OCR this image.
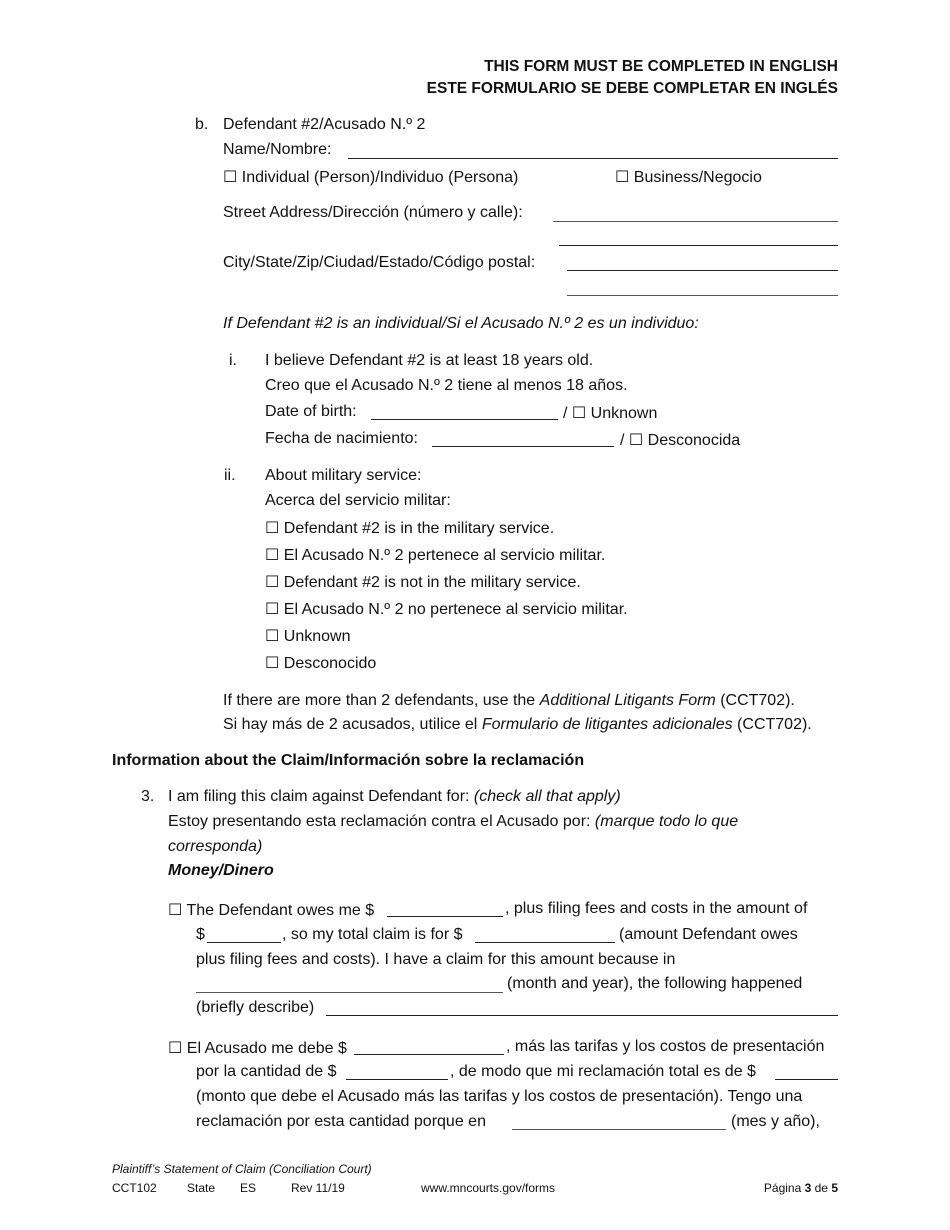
THIS FORM MUST BE COMPLETED IN ENGLISH
ESTE FORMULARIO SE DEBE COMPLETAR EN INGLÉS
b. Defendant #2/Acusado N.º 2
Name/Nombre:
☐ Individual (Person)/Individuo (Persona)	☐ Business/Negocio
Street Address/Dirección (número y calle):
City/State/Zip/Ciudad/Estado/Código postal:
If Defendant #2 is an individual/Si el Acusado N.º 2 es un individuo:
i. I believe Defendant #2 is at least 18 years old.
Creo que el Acusado N.º 2 tiene al menos 18 años.
Date of birth:	/ ☐ Unknown
Fecha de nacimiento:	/ ☐ Desconocida
ii. About military service:
Acerca del servicio militar:
☐ Defendant #2 is in the military service.
☐ El Acusado N.º 2 pertenece al servicio militar.
☐ Defendant #2 is not in the military service.
☐ El Acusado N.º 2 no pertenece al servicio militar.
☐ Unknown
☐ Desconocido
If there are more than 2 defendants, use the Additional Litigants Form (CCT702).
Si hay más de 2 acusados, utilice el Formulario de litigantes adicionales (CCT702).
Information about the Claim/Información sobre la reclamación
3. I am filing this claim against Defendant for: (check all that apply)
Estoy presentando esta reclamación contra el Acusado por: (marque todo lo que
corresponda)
Money/Dinero
☐ The Defendant owes me $	, plus filing fees and costs in the amount of
$	, so my total claim is for $	(amount Defendant owes
plus filing fees and costs). I have a claim for this amount because in
(month and year), the following happened
(briefly describe)
☐ El Acusado me debe $	, más las tarifas y los costos de presentación
por la cantidad de $	, de modo que mi reclamación total es de $
(monto que debe el Acusado más las tarifas y los costos de presentación). Tengo una
reclamación por esta cantidad porque en	(mes y año),
Plaintiff’s Statement of Claim (Conciliation Court)
CCT102	State ES	Rev 11/19	www.mncourts.gov/forms	Página 3 de 5
